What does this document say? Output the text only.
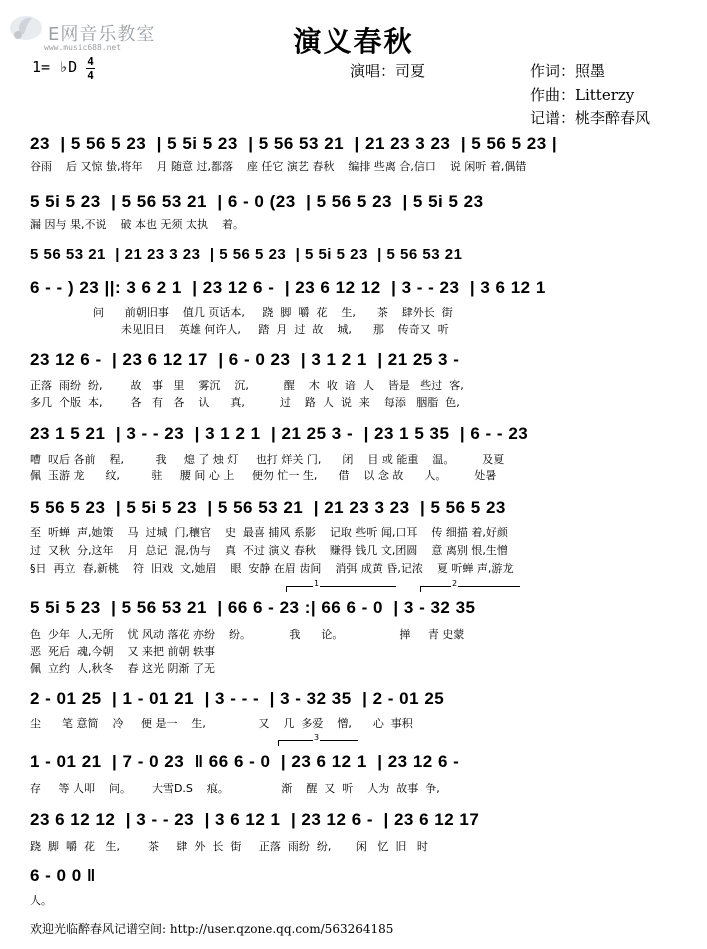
E网音乐教室
www.music688.net	演义春秋
1= ♭D 4
4	演唱：司夏	作词：照墨
作曲：Litterzy
记谱：桃李醉春风
23  | 5 56 5 23  | 5 5i 5 23  | 5 56 53 21  | 21 23 3 23  | 5 56 5 23 |
谷雨    后 又惊 蛰,将年    月 随意 过,都落    座 任它 演艺 春秋    编排 些离 合,信口    说 闲听 着,偶错
5 5i 5 23  | 5 56 53 21  | 6 - 0 (23  | 5 56 5 23  | 5 5i 5 23
漏 因与 果,不说    破 本也 无须 太执    着。
5 56 53 21  | 21 23 3 23  | 5 56 5 23  | 5 5i 5 23  | 5 56 53 21
6 - - ) 23 ||: 3 6 2 1  | 23 12 6 -  | 23 6 12 12  | 3 - - 23  | 3 6 12 1
问      前朝旧事    值几 页话本,     跷  脚  嚼  花    生,      茶    肆外长  街
未见旧日    英雄 何许人,     踏  月  过  故    城,      那    传奇又  听
23 12 6 -  | 23 6 12 17  | 6 - 0 23  | 3 1 2 1  | 21 25 3 -
正落  雨纷  纷,        故   事   里    雾沉    沉,          醒    木  收  谙  人    皆是   些过  客,
多几  个版  本,        各   有   各    认      真,          过    路  人  说  来    每添   胭脂  色,
23 1 5 21  | 3 - - 23  | 3 1 2 1  | 21 25 3 -  | 23 1 5 35  | 6 - - 23
嘈  叹后 各前    程,         我     熄 了 烛 灯     也打 烊关 门,      闭    目 或 能重    温。        及夏
佩  玉游 龙      纹,         驻     腰 间 心 上     便勿 忙一 生,      借    以 念 故      人。        处暑
5 56 5 23  | 5 5i 5 23  | 5 56 53 21  | 21 23 3 23  | 5 56 5 23
至  听蝉  声,她策    马  过城  门,穰官    史  最喜 捕风 系影    记取 些听 闻,口耳    传 细描 着,好颜
过  又秋  分,这年    月  总记  混,伪与    真  不过 演义 春秋    赚得 钱几 文,团圆    意 离别 恨,生憎
§日  再立  春,新桃    符  旧戏  文,她眉    眼  安静 在眉 齿间    消弭 成黄 昏,记浓    夏 听蝉 声,游龙
1	2
5 5i 5 23  | 5 56 53 21  | 66 6 - 23 :| 66 6 - 0  | 3 - 32 35
色  少年  人,无所    忧 风动 落花 亦纷    纷。           我      论。                掸     青 史蒙
恶  死后  魂,今朝    又 来把 前朝 轶事
佩  立约  人,秋冬    春 这光 阴渐 了无
2 - 01 25  | 1 - 01 21  | 3 - - -  | 3 - 32 35  | 2 - 01 25
尘      笔 意简    冷     便 是一    生,               又    几  多爱    憎,      心  事积
3
1 - 01 21  | 7 - 0 23  ‖ 66 6 - 0  | 23 6 12 1  | 23 12 6 -
存     等 人叩    问。      大雪D.S    痕。               渐    醒  又  听    人为  故事  争,
23 6 12 12  | 3 - - 23  | 3 6 12 1  | 23 12 6 -  | 23 6 12 17
跷  脚  嚼  花   生,        茶     肆  外  长  街     正落  雨纷  纷,       闲   忆  旧   时
6 - 0 0 ‖
人。
欢迎光临醉春风记谱空间: http://user.qzone.qq.com/563264185
